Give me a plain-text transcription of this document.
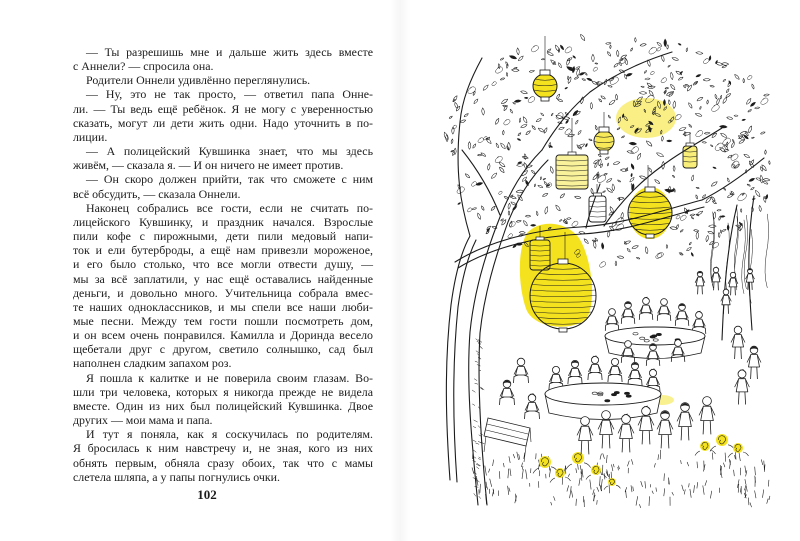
— Ты разрешишь мне и дальше жить здесь вместе
с Аннели? — спросила она.
Родители Оннели удивлённо переглянулись.
— Ну, это не так просто, — ответил папа Онне-
ли. — Ты ведь ещё ребёнок. Я не могу с уверенностью
сказать, могут ли дети жить одни. Надо уточнить в по-
лиции.
— А полицейский Кувшинка знает, что мы здесь
живём, — сказала я. — И он ничего не имеет против.
— Он скоро должен прийти, так что сможете с ним
всё обсудить, — сказала Оннели.
Наконец собрались все гости, если не считать по-
лицейского Кувшинку, и праздник начался. Взрослые
пили кофе с пирожными, дети пили медовый напи-
ток и ели бутерброды, а ещё нам привезли мороженое,
и его было столько, что все могли отвести душу, —
мы за всё заплатили, у нас ещё оставались найденные
деньги, и довольно много. Учительница собрала вмес-
те наших одноклассников, и мы спели все наши люби-
мые песни. Между тем гости пошли посмотреть дом,
и он всем очень понравился. Камилла и Доринда весело
щебетали друг с другом, светило солнышко, сад был
наполнен сладким запахом роз.
Я пошла к калитке и не поверила своим глазам. Во-
шли три человека, которых я никогда прежде не видела
вместе. Один из них был полицейский Кувшинка. Двое
других — мои мама и папа.
И тут я поняла, как я соскучилась по родителям.
Я бросилась к ним навстречу и, не зная, кого из них
обнять первым, обняла сразу обоих, так что с мамы
слетела шляпа, а у папы погнулись очки.
102
